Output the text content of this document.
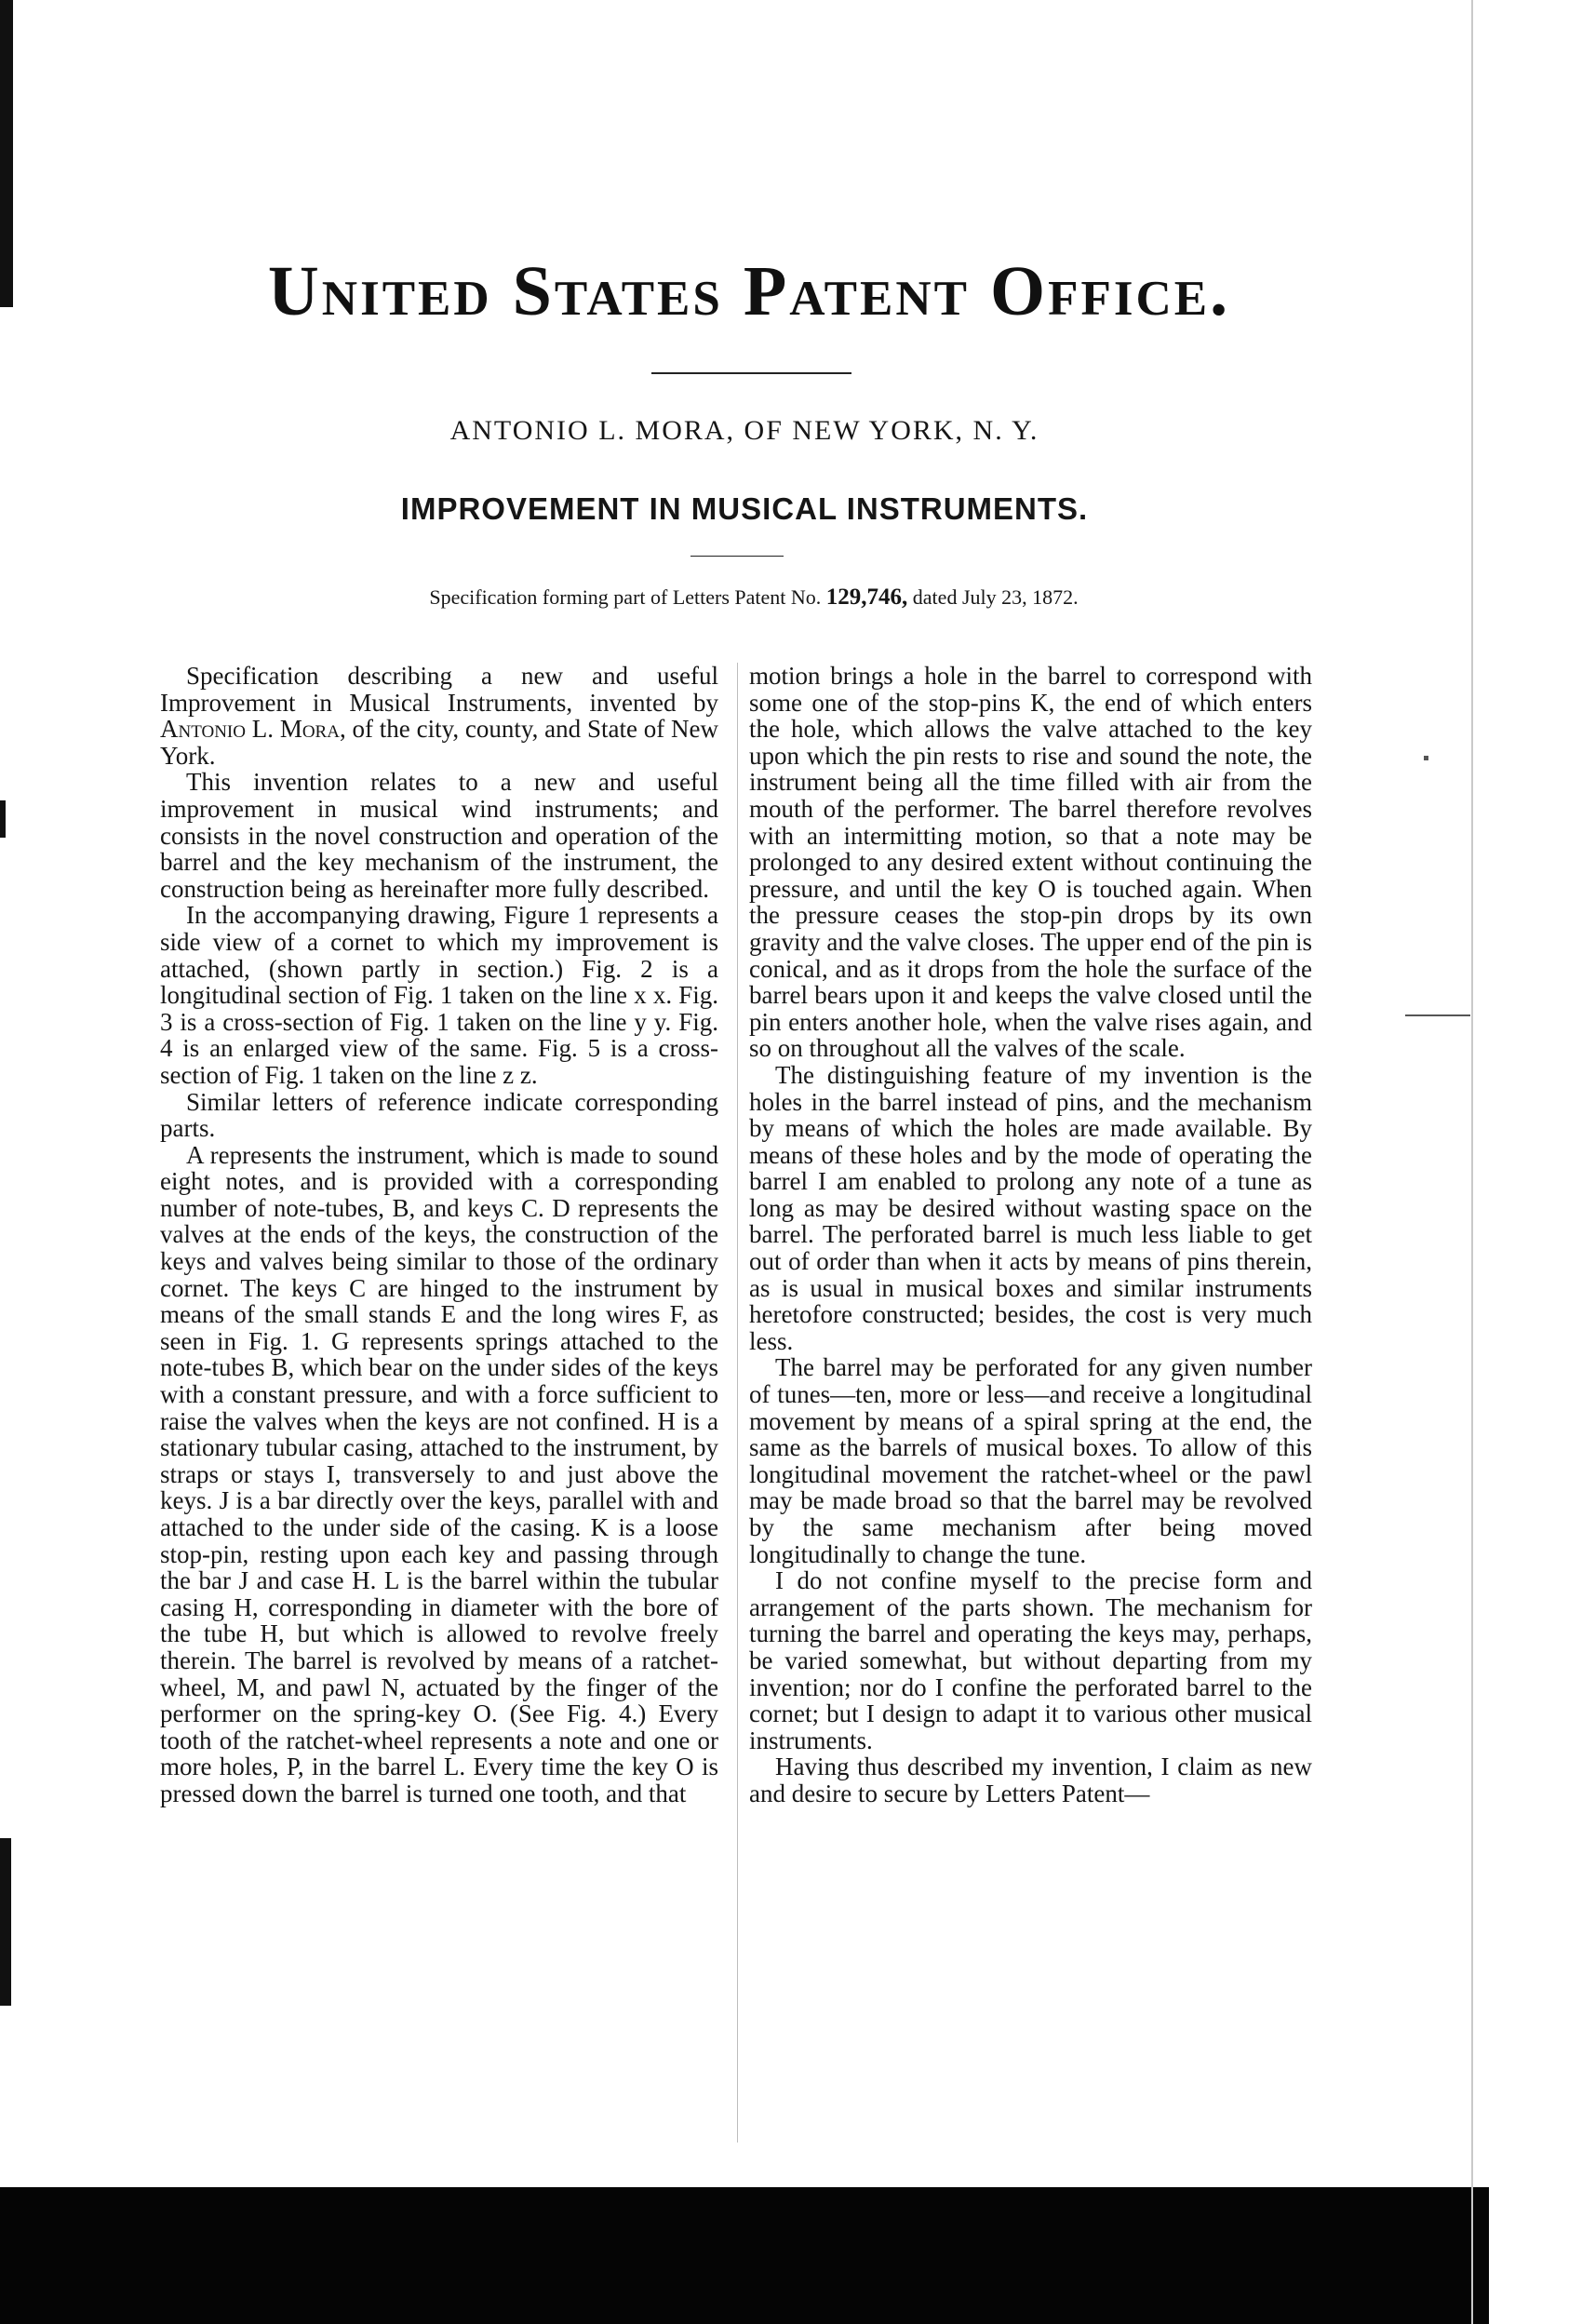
United States Patent Office.
ANTONIO L. MORA, OF NEW YORK, N. Y.
IMPROVEMENT IN MUSICAL INSTRUMENTS.
Specification forming part of Letters Patent No. 129,746, dated July 23, 1872.

Specification describing a new and useful Improvement in Musical Instruments, invented by Antonio L. Mora, of the city, county, and State of New York.

This invention relates to a new and useful improvement in musical wind instruments; and consists in the novel construction and operation of the barrel and the key mechanism of the instrument, the construction being as hereinafter more fully described.

In the accompanying drawing, Figure 1 represents a side view of a cornet to which my improvement is attached, (shown partly in section.) Fig. 2 is a longitudinal section of Fig. 1 taken on the line x x. Fig. 3 is a cross-section of Fig. 1 taken on the line y y. Fig. 4 is an enlarged view of the same. Fig. 5 is a cross-section of Fig. 1 taken on the line z z.

Similar letters of reference indicate corresponding parts.

A represents the instrument, which is made to sound eight notes, and is provided with a corresponding number of note-tubes, B, and keys C. D represents the valves at the ends of the keys, the construction of the keys and valves being similar to those of the ordinary cornet. The keys C are hinged to the instrument by means of the small stands E and the long wires F, as seen in Fig. 1. G represents springs attached to the note-tubes B, which bear on the under sides of the keys with a constant pressure, and with a force sufficient to raise the valves when the keys are not confined. H is a stationary tubular casing, attached to the instrument, by straps or stays I, transversely to and just above the keys. J is a bar directly over the keys, parallel with and attached to the under side of the casing. K is a loose stop-pin, resting upon each key and passing through the bar J and case H. L is the barrel within the tubular casing H, corresponding in diameter with the bore of the tube H, but which is allowed to revolve freely therein. The barrel is revolved by means of a ratchet-wheel, M, and pawl N, actuated by the finger of the performer on the spring-key O. (See Fig. 4.) Every tooth of the ratchet-wheel represents a note and one or more holes, P, in the barrel L. Every time the key O is pressed down the barrel is turned one tooth, and that

motion brings a hole in the barrel to correspond with some one of the stop-pins K, the end of which enters the hole, which allows the valve attached to the key upon which the pin rests to rise and sound the note, the instrument being all the time filled with air from the mouth of the performer. The barrel therefore revolves with an intermitting motion, so that a note may be prolonged to any desired extent without continuing the pressure, and until the key O is touched again. When the pressure ceases the stop-pin drops by its own gravity and the valve closes. The upper end of the pin is conical, and as it drops from the hole the surface of the barrel bears upon it and keeps the valve closed until the pin enters another hole, when the valve rises again, and so on throughout all the valves of the scale.

The distinguishing feature of my invention is the holes in the barrel instead of pins, and the mechanism by means of which the holes are made available. By means of these holes and by the mode of operating the barrel I am enabled to prolong any note of a tune as long as may be desired without wasting space on the barrel. The perforated barrel is much less liable to get out of order than when it acts by means of pins therein, as is usual in musical boxes and similar instruments heretofore constructed; besides, the cost is very much less.

The barrel may be perforated for any given number of tunes—ten, more or less—and receive a longitudinal movement by means of a spiral spring at the end, the same as the barrels of musical boxes. To allow of this longitudinal movement the ratchet-wheel or the pawl may be made broad so that the barrel may be revolved by the same mechanism after being moved longitudinally to change the tune.

I do not confine myself to the precise form and arrangement of the parts shown. The mechanism for turning the barrel and operating the keys may, perhaps, be varied somewhat, but without departing from my invention; nor do I confine the perforated barrel to the cornet; but I design to adapt it to various other musical instruments.

Having thus described my invention, I claim as new and desire to secure by Letters Patent—
